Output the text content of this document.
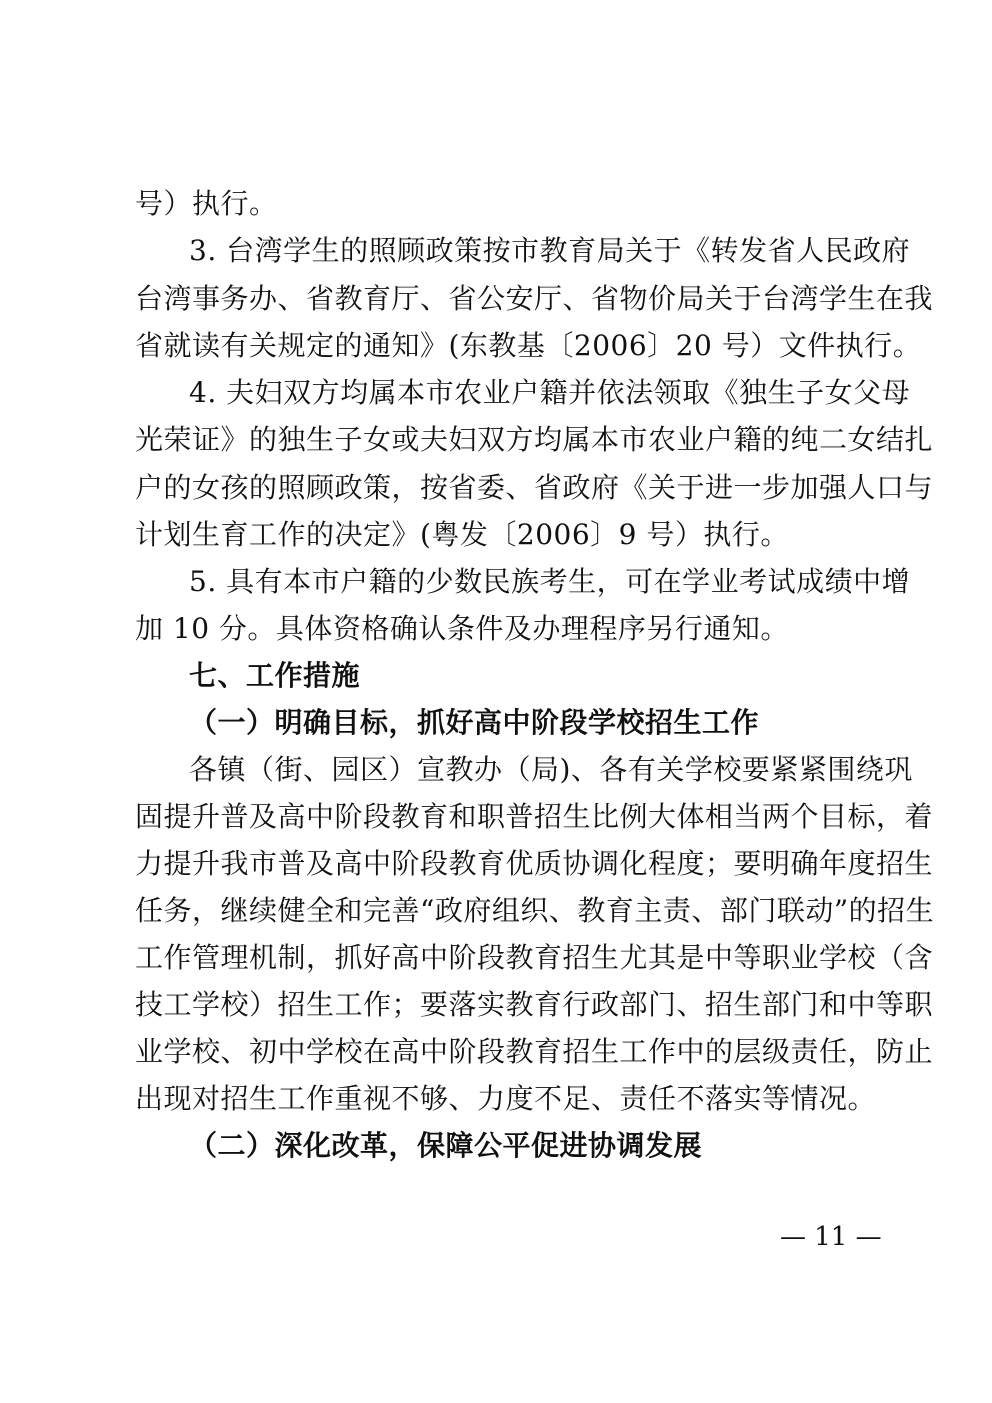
号）执行。
3. 台湾学生的照顾政策按市教育局关于《转发省人民政府
台湾事务办、省教育厅、省公安厅、省物价局关于台湾学生在我
省就读有关规定的通知》(东教基〔2006〕20 号）文件执行。
4. 夫妇双方均属本市农业户籍并依法领取《独生子女父母
光荣证》的独生子女或夫妇双方均属本市农业户籍的纯二女结扎
户的女孩的照顾政策，按省委、省政府《关于进一步加强人口与
计划生育工作的决定》(粤发〔2006〕9 号）执行。
5. 具有本市户籍的少数民族考生，可在学业考试成绩中增
加 10 分。具体资格确认条件及办理程序另行通知。
七、工作措施
（一）明确目标，抓好高中阶段学校招生工作
各镇（街、园区）宣教办（局)、各有关学校要紧紧围绕巩
固提升普及高中阶段教育和职普招生比例大体相当两个目标，着
力提升我市普及高中阶段教育优质协调化程度；要明确年度招生
任务，继续健全和完善“政府组织、教育主责、部门联动”的招生
工作管理机制，抓好高中阶段教育招生尤其是中等职业学校（含
技工学校）招生工作；要落实教育行政部门、招生部门和中等职
业学校、初中学校在高中阶段教育招生工作中的层级责任，防止
出现对招生工作重视不够、力度不足、责任不落实等情况。
（二）深化改革，保障公平促进协调发展
— 11 —
